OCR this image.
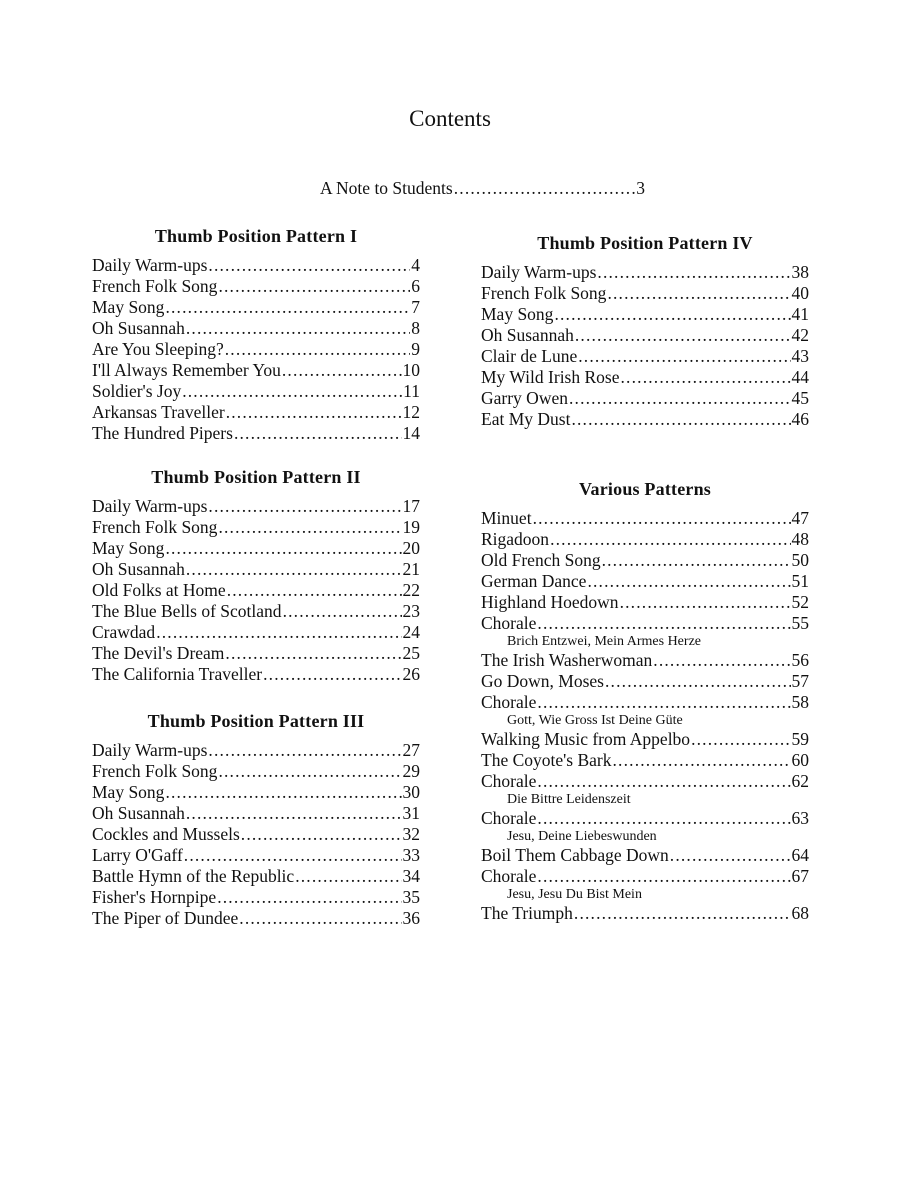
Contents
A Note to Students . . .	3
Thumb Position Pattern I
Daily Warm-ups . . .	4
French Folk Song . . .	6
May Song . . .	7
Oh Susannah . . .	8
Are You Sleeping? . . .	9
I'll Always Remember You . . .	10
Soldier's Joy . . .	11
Arkansas Traveller . . .	12
The Hundred Pipers . . .	14
Thumb Position Pattern II
Daily Warm-ups . . .	17
French Folk Song . . .	19
May Song . . .	20
Oh Susannah . . .	21
Old Folks at Home . . .	22
The Blue Bells of Scotland . . .	23
Crawdad . . .	24
The Devil's Dream . . .	25
The California Traveller . . .	26
Thumb Position Pattern III
Daily Warm-ups . . .	27
French Folk Song . . .	29
May Song . . .	30
Oh Susannah . . .	31
Cockles and Mussels . . .	32
Larry O'Gaff . . .	33
Battle Hymn of the Republic . . .	34
Fisher's Hornpipe . . .	35
The Piper of Dundee . . .	36
Thumb Position Pattern IV
Daily Warm-ups . . .	38
French Folk Song . . .	40
May Song . . .	41
Oh Susannah . . .	42
Clair de Lune . . .	43
My Wild Irish Rose . . .	44
Garry Owen . . .	45
Eat My Dust . . .	46
Various Patterns
Minuet . . .	47
Rigadoon . . .	48
Old French Song . . .	50
German Dance . . .	51
Highland Hoedown . . .	52
Chorale . . .	55
Brich Entzwei, Mein Armes Herze
The Irish Washerwoman . . .	56
Go Down, Moses . . .	57
Chorale . . .	58
Gott, Wie Gross Ist Deine Güte
Walking Music from Appelbo . . .	59
The Coyote's Bark . . .	60
Chorale . . .	62
Die Bittre Leidenszeit
Chorale . . .	63
Jesu, Deine Liebeswunden
Boil Them Cabbage Down . . .	64
Chorale . . .	67
Jesu, Jesu Du Bist Mein
The Triumph . . .	68
